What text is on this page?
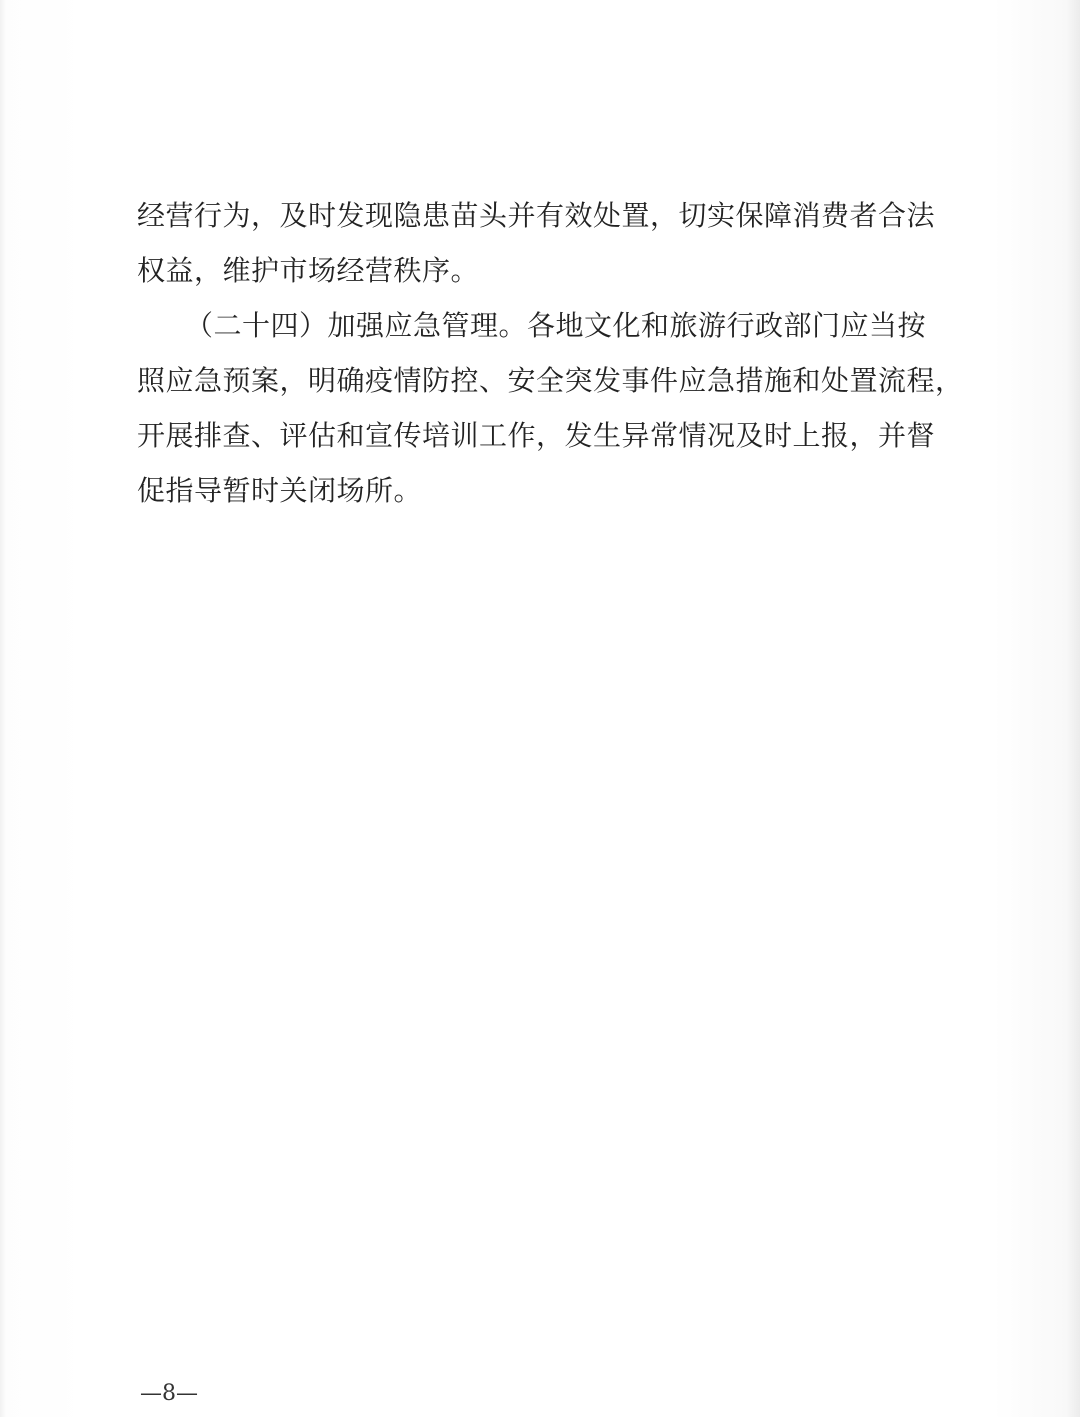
经营行为，及时发现隐患苗头并有效处置，切实保障消费者合法
权益，维护市场经营秩序。
（二十四）加强应急管理。各地文化和旅游行政部门应当按
照应急预案，明确疫情防控、安全突发事件应急措施和处置流程，
开展排查、评估和宣传培训工作，发生异常情况及时上报，并督
促指导暂时关闭场所。
—8—
